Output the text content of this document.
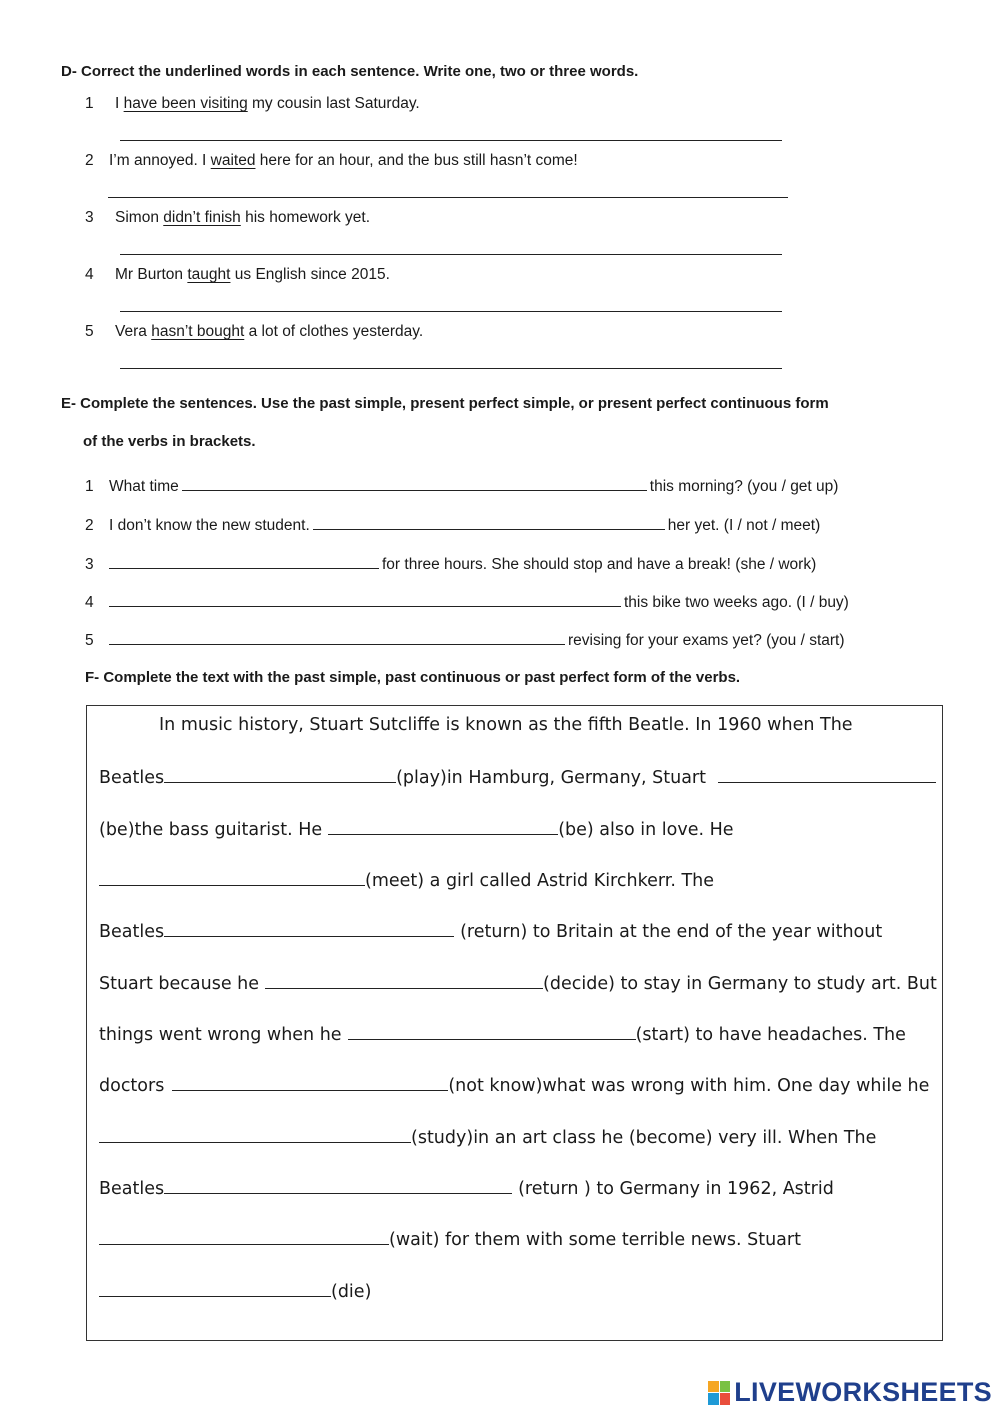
D- Correct the underlined words in each sentence. Write one, two or three words.
1 I have been visiting my cousin last Saturday.
2 I’m annoyed. I waited here for an hour, and the bus still hasn’t come!
3 Simon didn’t finish his homework yet.
4 Mr Burton taught us English since 2015.
5 Vera hasn’t bought a lot of clothes yesterday.
E- Complete the sentences. Use the past simple, present perfect simple, or present perfect continuous form
of the verbs in brackets.
1 What time	this morning? (you / get up)
2 I don’t know the new student.	her yet. (I / not / meet)
3	for three hours. She should stop and have a break! (she / work)
4	this bike two weeks ago. (I / buy)
5	revising for your exams yet? (you / start)
F- Complete the text with the past simple, past continuous or past perfect form of the verbs.
In music history, Stuart Sutcliffe is known as the fifth Beatle. In 1960 when The
Beatles	(play)in Hamburg, Germany, Stuart
(be)the bass guitarist. He	(be) also in love. He
(meet) a girl called Astrid Kirchkerr. The
Beatles	(return) to Britain at the end of the year without
Stuart because he	(decide) to stay in Germany to study art. But
things went wrong when he	(start) to have headaches. The
doctors	(not know)what was wrong with him. One day while he
(study)in an art class he (become) very ill. When The
Beatles	(return ) to Germany in 1962, Astrid
(wait) for them with some terrible news. Stuart
(die)
LIVEWORKSHEETS
